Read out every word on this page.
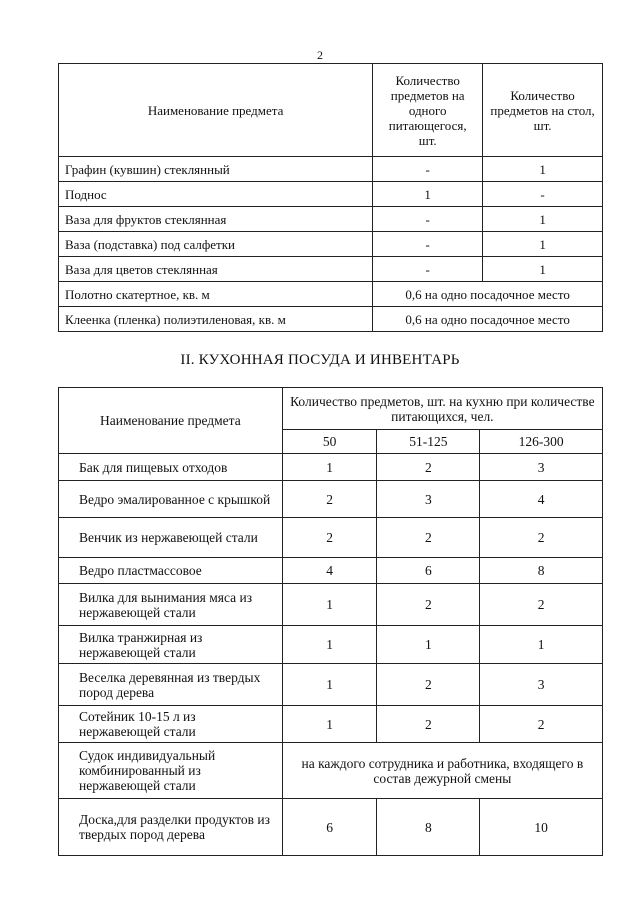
2
Наименование предмета	Количество предметов на одного питающегося, шт.	Количество предметов на стол, шт.
Графин (кувшин) стеклянный	-	1
Поднос	1	-
Ваза для фруктов стеклянная	-	1
Ваза (подставка) под салфетки	-	1
Ваза для цветов стеклянная	-	1
Полотно скатертное, кв. м	0,6 на одно посадочное место	
Клеенка (пленка) полиэтиленовая, кв. м	0,6 на одно посадочное место	
II. КУХОННАЯ ПОСУДА И ИНВЕНТАРЬ
Наименование предмета	Количество предметов, шт. на кухню при количестве питающихся, чел.		
	50	51-125	126-300
Бак для пищевых отходов	1	2	3
Ведро эмалированное с крышкой	2	3	4
Венчик из нержавеющей стали	2	2	2
Ведро пластмассовое	4	6	8
Вилка для вынимания мяса из нержавеющей стали	1	2	2
Вилка транжирная из нержавеющей стали	1	1	1
Веселка деревянная из твердых пород дерева	1	2	3
Сотейник 10-15 л из нержавеющей стали	1	2	2
Судок индивидуальный комбинированный из нержавеющей стали	на каждого сотрудника и работника, входящего в состав дежурной смены		
Доска,для разделки продуктов из твердых пород дерева	6	8	10
